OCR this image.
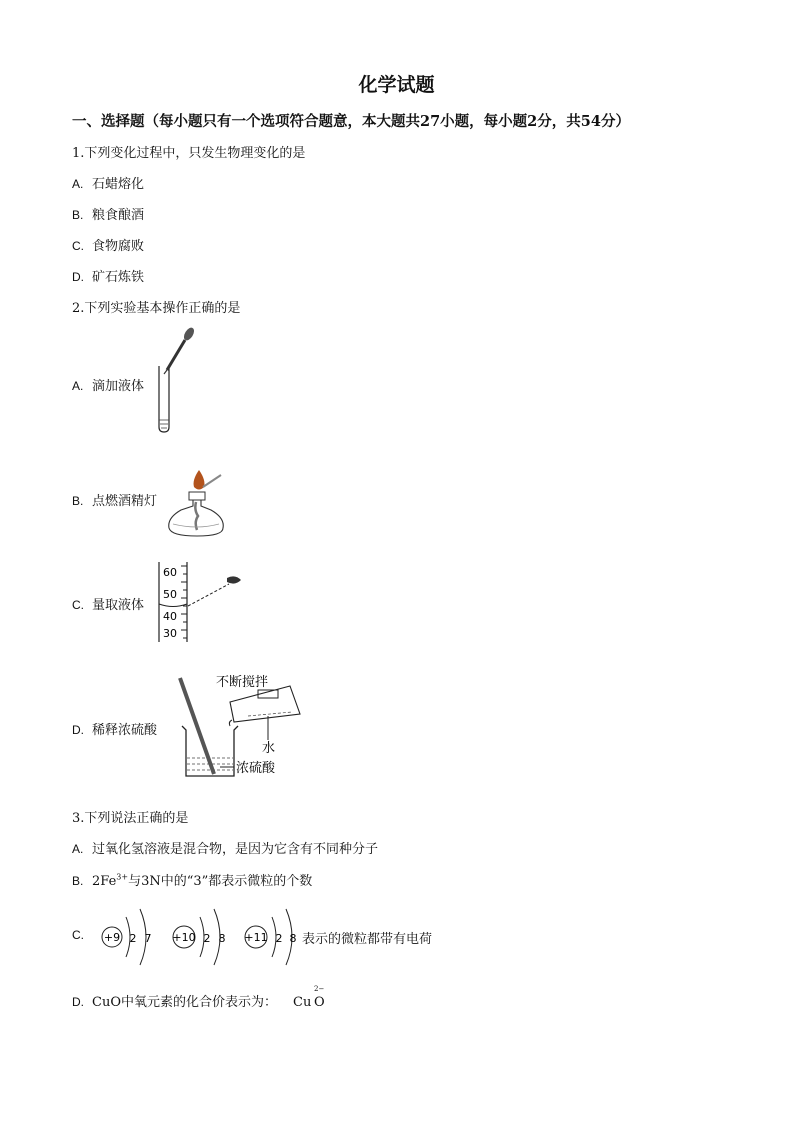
化学试题
一、选择题（每小题只有一个选项符合题意，本大题共27小题，每小题2分，共54分）
1.下列变化过程中，只发生物理变化的是
A. 石蜡熔化
B. 粮食酿酒
C. 食物腐败
D. 矿石炼铁
2.下列实验基本操作正确的是
A. 滴加液体
B. 点燃酒精灯
C. 量取液体
60
50
40
30
D. 稀释浓硫酸
不断搅拌
水
浓硫酸
3.下列说法正确的是
A. 过氧化氢溶液是混合物，是因为它含有不同种分子
B. $2Fe^{3+}$与3N中的“3”都表示微粒的个数
C.	+9 2 7 +10 2 8 +11 2 8 表示的微粒都带有电荷
D. CuO中氧元素的化合价表示为： Cu O
2−
